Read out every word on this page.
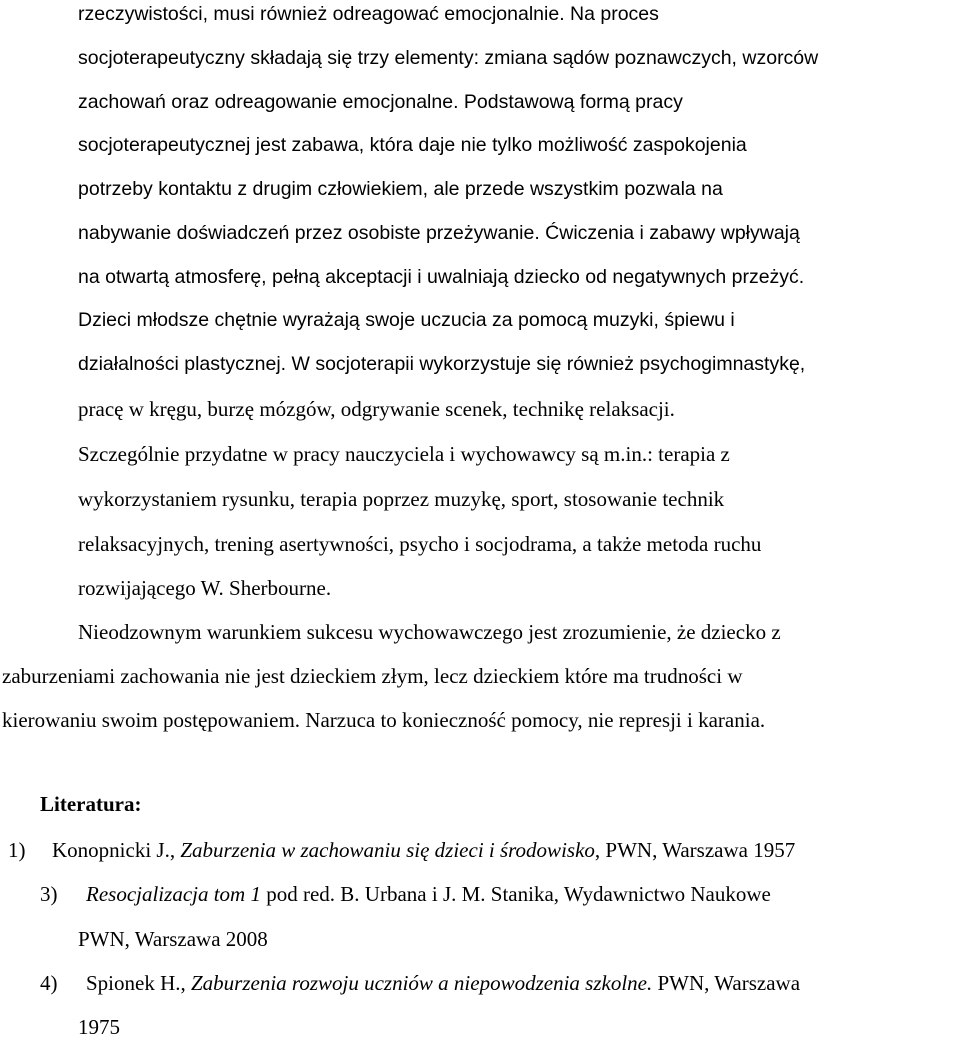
rzeczywistości, musi również odreagować emocjonalnie. Na proces
socjoterapeutyczny składają się trzy elementy: zmiana sądów poznawczych, wzorców
zachowań oraz odreagowanie emocjonalne. Podstawową formą pracy
socjoterapeutycznej jest zabawa, która daje nie tylko możliwość zaspokojenia
potrzeby kontaktu z drugim człowiekiem, ale przede wszystkim pozwala na
nabywanie doświadczeń przez osobiste przeżywanie. Ćwiczenia i zabawy wpływają
na otwartą atmosferę, pełną akceptacji i uwalniają dziecko od negatywnych przeżyć.
Dzieci młodsze chętnie wyrażają swoje uczucia za pomocą muzyki, śpiewu i
działalności plastycznej. W socjoterapii wykorzystuje się również psychogimnastykę,
pracę w kręgu, burzę mózgów, odgrywanie scenek, technikę relaksacji.
Szczególnie przydatne w pracy nauczyciela i wychowawcy są m.in.: terapia z
wykorzystaniem rysunku, terapia poprzez muzykę, sport, stosowanie technik
relaksacyjnych, trening asertywności, psycho i socjodrama, a także metoda ruchu
rozwijającego W. Sherbourne.
Nieodzownym warunkiem sukcesu wychowawczego jest zrozumienie, że dziecko z
zaburzeniami zachowania nie jest dzieckiem złym, lecz dzieckiem które ma trudności w
kierowaniu swoim postępowaniem. Narzuca to konieczność pomocy, nie represji i karania.
Literatura:
1) Konopnicki J., Zaburzenia w zachowaniu się dzieci i środowisko, PWN, Warszawa 1957
3) Resocjalizacja tom 1 pod red. B. Urbana i J. M. Stanika, Wydawnictwo Naukowe
PWN, Warszawa 2008
4) Spionek H., Zaburzenia rozwoju uczniów a niepowodzenia szkolne. PWN, Warszawa
1975
